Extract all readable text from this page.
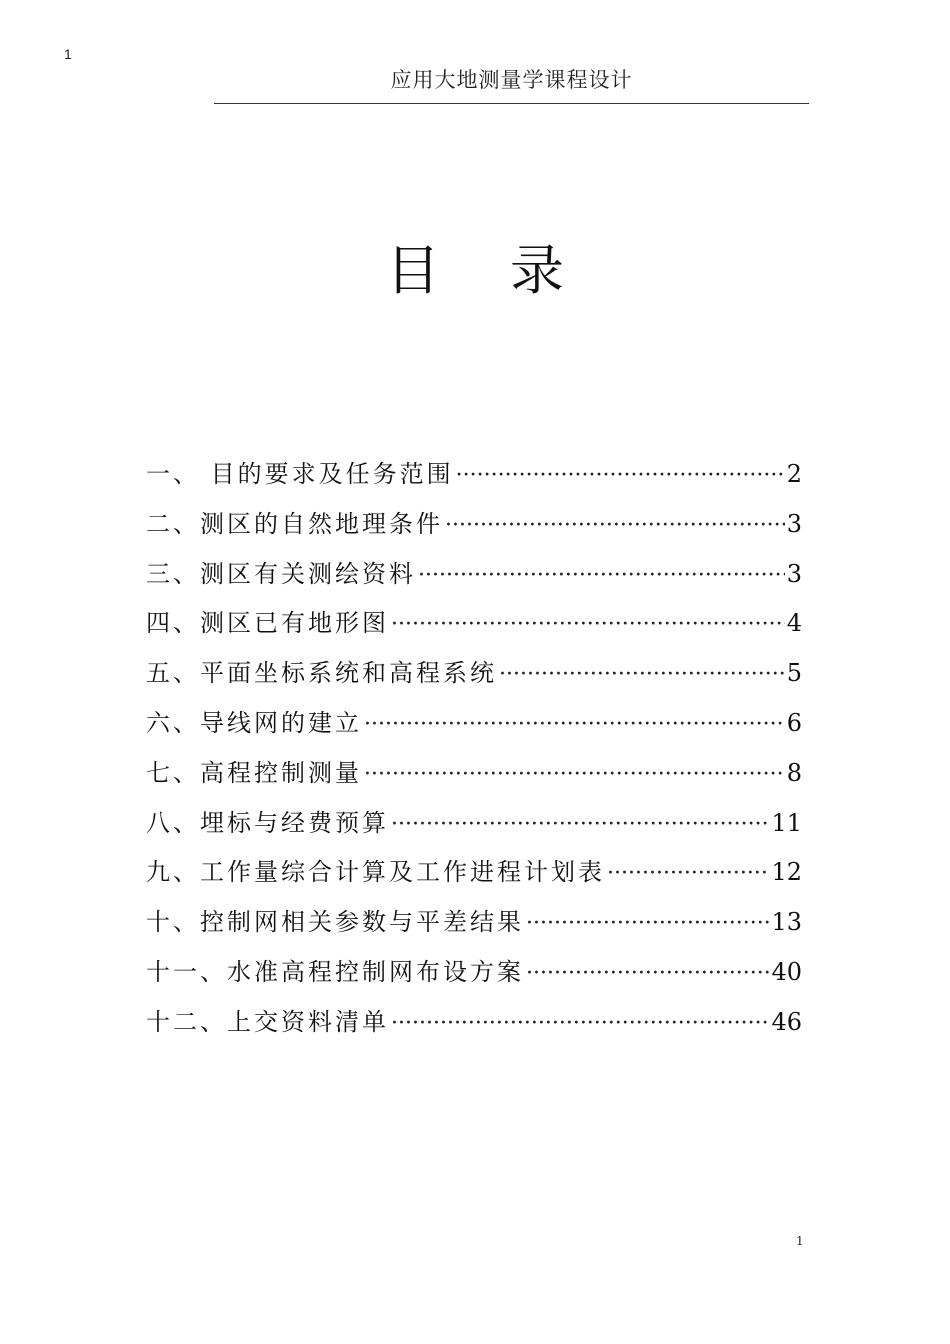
1
应用大地测量学课程设计
目录
一、 目的要求及任务范围 ·····	2
二、测区的自然地理条件 ·····	3
三、测区有关测绘资料 ·····	3
四、测区已有地形图 ·····	4
五、平面坐标系统和高程系统 ·····	5
六、导线网的建立 ·····	6
七、高程控制测量 ·····	8
八、埋标与经费预算 ·····	11
九、工作量综合计算及工作进程计划表 ·····	12
十、控制网相关参数与平差结果 ·····	13
十一、水准高程控制网布设方案 ·····	40
十二、上交资料清单 ·····	46
1
